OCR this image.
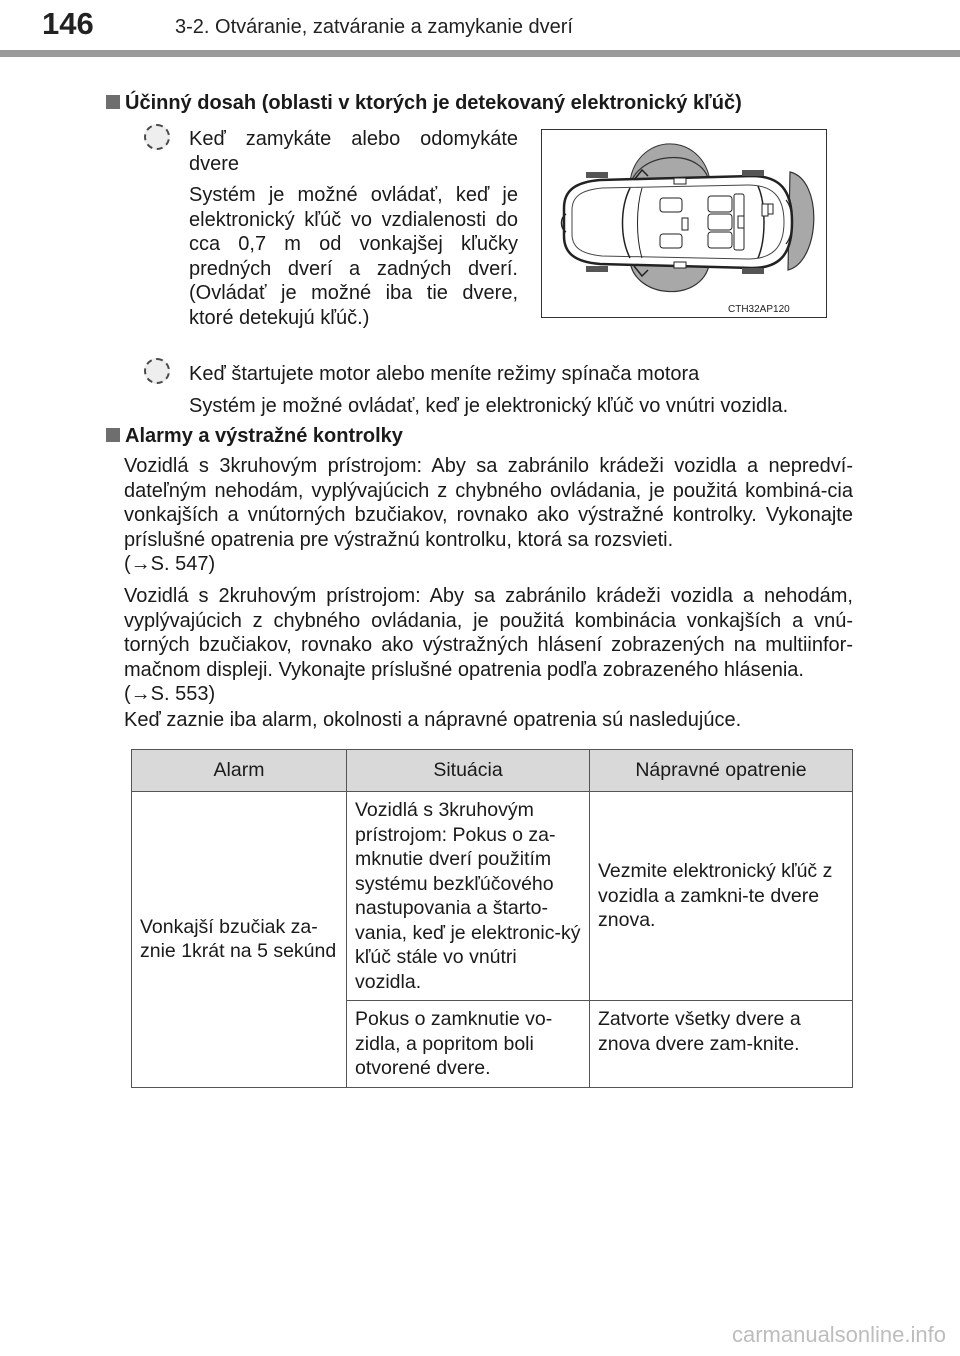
146	3-2. Otváranie, zatváranie a zamykanie dverí
Účinný dosah (oblasti v ktorých je detekovaný elektronický kľúč)
Keď zamykáte alebo odomykáte dvere
Systém je možné ovládať, keď je elektronický kľúč vo vzdialenosti do cca 0,7 m od vonkajšej kľučky predných dverí a zadných dverí. (Ovládať je možné iba tie dvere, ktoré detekujú kľúč.)	CTH32AP120
Keď štartujete motor alebo meníte režimy spínača motora
Systém je možné ovládať, keď je elektronický kľúč vo vnútri vozidla.
Alarmy a výstražné kontrolky
Vozidlá s 3kruhovým prístrojom: Aby sa zabránilo krádeži vozidla a nepredví-dateľným nehodám, vyplývajúcich z chybného ovládania, je použitá kombiná-cia vonkajších a vnútorných bzučiakov, rovnako ako výstražné kontrolky. Vykonajte príslušné opatrenia pre výstražnú kontrolku, ktorá sa rozsvieti.
(→S. 547)
Vozidlá s 2kruhovým prístrojom: Aby sa zabránilo krádeži vozidla a nehodám, vyplývajúcich z chybného ovládania, je použitá kombinácia vonkajších a vnú-torných bzučiakov, rovnako ako výstražných hlásení zobrazených na multiinfor-mačnom displeji. Vykonajte príslušné opatrenia podľa zobrazeného hlásenia.
(→S. 553)
Keď zaznie iba alarm, okolnosti a nápravné opatrenia sú nasledujúce.
Alarm	Situácia	Nápravné opatrenie
Vonkajší bzučiak za-znie 1krát na 5 sekúnd	Vozidlá s 3kruhovým prístrojom: Pokus o za-mknutie dverí použitím systému bezkľúčového nastupovania a štarto-vania, keď je elektronic-ký kľúč stále vo vnútri vozidla.	Vezmite elektronický kľúč z vozidla a zamkni-te dvere znova.
	Pokus o zamknutie vo-zidla, a popritom boli otvorené dvere.	Zatvorte všetky dvere a znova dvere zam-knite.
carmanualsonline.info
